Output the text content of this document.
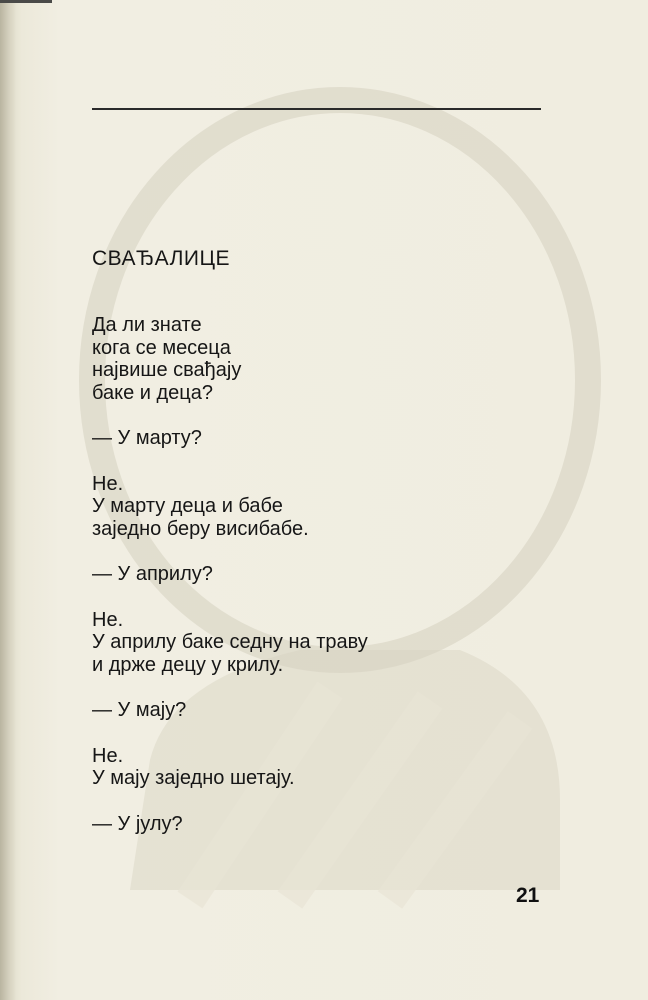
СВАЂАЛИЦЕ

Да ли знате
кога се месеца
највише свађају
баке и деца?

— У марту?

Не.
У марту деца и бабе
заједно беру висибабе.

— У априлу?

Не.
У априлу баке седну на траву
и држе децу у крилу.

— У мају?

Не.
У мају заједно шетају.

— У јулу?

21
